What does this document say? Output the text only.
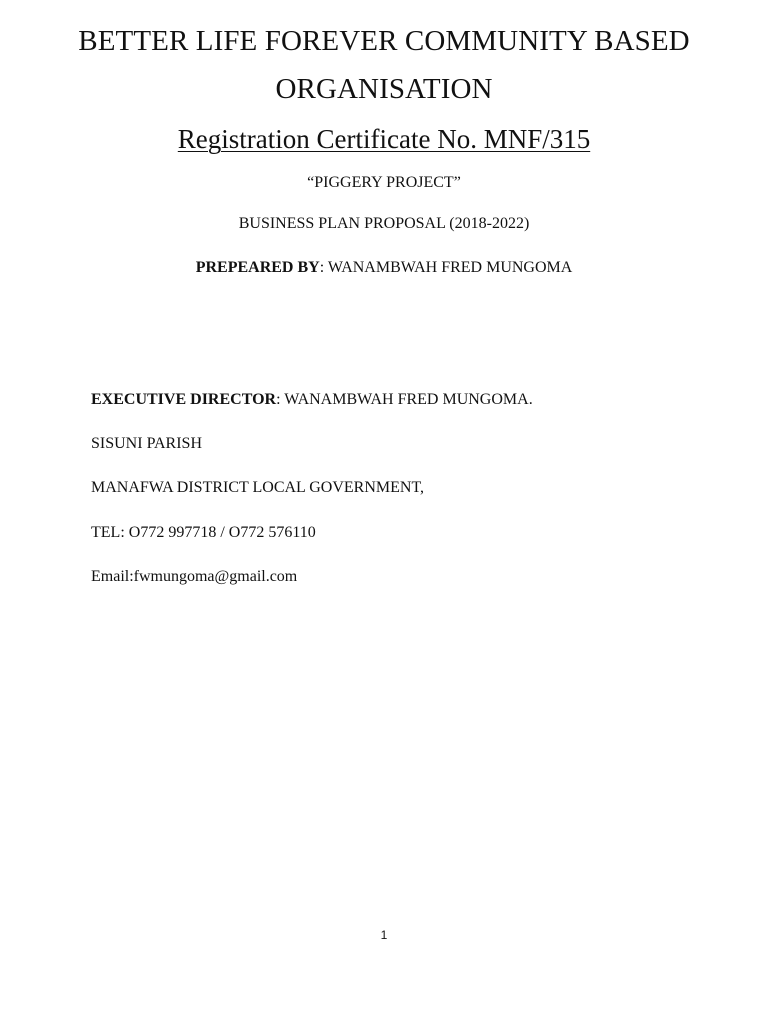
BETTER LIFE FOREVER COMMUNITY BASED
ORGANISATION
Registration Certificate No. MNF/315
“PIGGERY PROJECT”
BUSINESS PLAN PROPOSAL (2018-2022)
PREPEARED BY: WANAMBWAH FRED MUNGOMA
EXECUTIVE DIRECTOR: WANAMBWAH FRED MUNGOMA.
SISUNI PARISH
MANAFWA DISTRICT LOCAL GOVERNMENT,
TEL: O772 997718 / O772 576110
Email:fwmungoma@gmail.com
1
